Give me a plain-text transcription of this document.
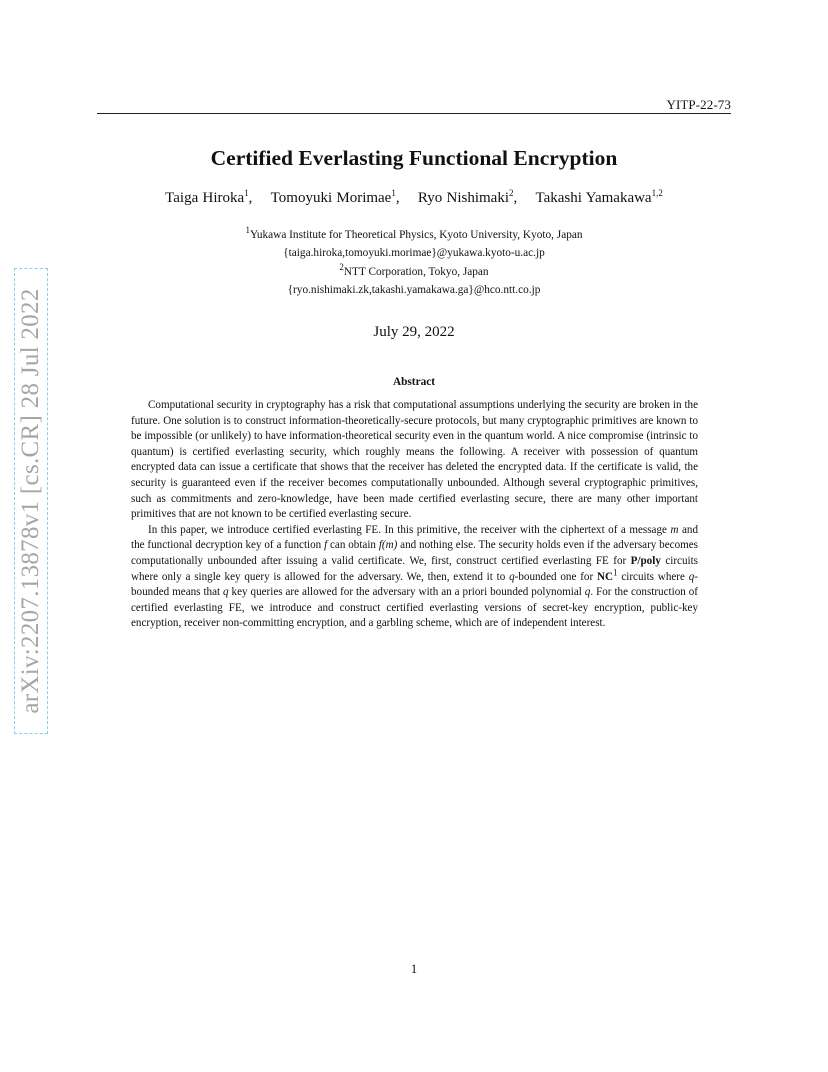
YITP-22-73
arXiv:2207.13878v1 [cs.CR] 28 Jul 2022
Certified Everlasting Functional Encryption
Taiga Hiroka$^1$, Tomoyuki Morimae$^1$, Ryo Nishimaki$^2$, Takashi Yamakawa$^{1,2}$
$^1$Yukawa Institute for Theoretical Physics, Kyoto University, Kyoto, Japan
{taiga.hiroka,tomoyuki.morimae}@yukawa.kyoto-u.ac.jp
$^2$NTT Corporation, Tokyo, Japan
{ryo.nishimaki.zk,takashi.yamakawa.ga}@hco.ntt.co.jp
July 29, 2022
Abstract

Computational security in cryptography has a risk that computational assumptions underlying the security are broken in the future. One solution is to construct information-theoretically-secure protocols, but many cryptographic primitives are known to be impossible (or unlikely) to have information-theoretical security even in the quantum world. A nice compromise (intrinsic to quantum) is certified everlasting security, which roughly means the following. A receiver with possession of quantum encrypted data can issue a certificate that shows that the receiver has deleted the encrypted data. If the certificate is valid, the security is guaranteed even if the receiver becomes computationally unbounded. Although several cryptographic primitives, such as commitments and zero-knowledge, have been made certified everlasting secure, there are many other important primitives that are not known to be certified everlasting secure.

In this paper, we introduce certified everlasting FE. In this primitive, the receiver with the ciphertext of a message m and the functional decryption key of a function f can obtain f(m) and nothing else. The security holds even if the adversary becomes computationally unbounded after issuing a valid certificate. We, first, construct certified everlasting FE for P/poly circuits where only a single key query is allowed for the adversary. We, then, extend it to q-bounded one for $NC^1$ circuits where q-bounded means that q key queries are allowed for the adversary with an a priori bounded polynomial q. For the construction of certified everlasting FE, we introduce and construct certified everlasting versions of secret-key encryption, public-key encryption, receiver non-committing encryption, and a garbling scheme, which are of independent interest.

1
